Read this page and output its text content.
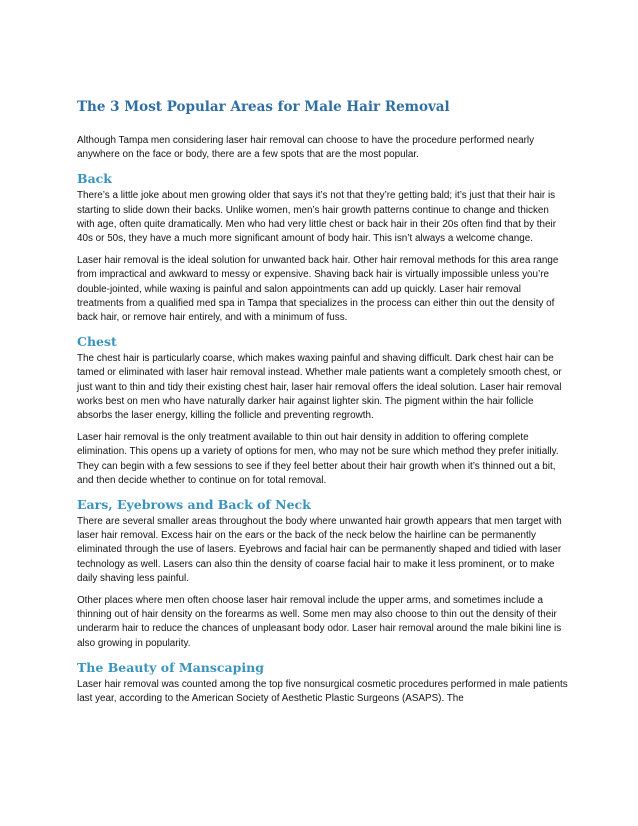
The 3 Most Popular Areas for Male Hair Removal

Although Tampa men considering laser hair removal can choose to have the procedure performed nearly anywhere on the face or body, there are a few spots that are the most popular.

Back

There’s a little joke about men growing older that says it’s not that they’re getting bald; it’s just that their hair is starting to slide down their backs. Unlike women, men’s hair growth patterns continue to change and thicken with age, often quite dramatically. Men who had very little chest or back hair in their 20s often find that by their 40s or 50s, they have a much more significant amount of body hair. This isn’t always a welcome change.

Laser hair removal is the ideal solution for unwanted back hair. Other hair removal methods for this area range from impractical and awkward to messy or expensive. Shaving back hair is virtually impossible unless you’re double-jointed, while waxing is painful and salon appointments can add up quickly. Laser hair removal treatments from a qualified med spa in Tampa that specializes in the process can either thin out the density of back hair, or remove hair entirely, and with a minimum of fuss.

Chest

The chest hair is particularly coarse, which makes waxing painful and shaving difficult. Dark chest hair can be tamed or eliminated with laser hair removal instead. Whether male patients want a completely smooth chest, or just want to thin and tidy their existing chest hair, laser hair removal offers the ideal solution. Laser hair removal works best on men who have naturally darker hair against lighter skin. The pigment within the hair follicle absorbs the laser energy, killing the follicle and preventing regrowth.

Laser hair removal is the only treatment available to thin out hair density in addition to offering complete elimination. This opens up a variety of options for men, who may not be sure which method they prefer initially. They can begin with a few sessions to see if they feel better about their hair growth when it’s thinned out a bit, and then decide whether to continue on for total removal.

Ears, Eyebrows and Back of Neck

There are several smaller areas throughout the body where unwanted hair growth appears that men target with laser hair removal. Excess hair on the ears or the back of the neck below the hairline can be permanently eliminated through the use of lasers. Eyebrows and facial hair can be permanently shaped and tidied with laser technology as well. Lasers can also thin the density of coarse facial hair to make it less prominent, or to make daily shaving less painful.

Other places where men often choose laser hair removal include the upper arms, and sometimes include a thinning out of hair density on the forearms as well. Some men may also choose to thin out the density of their underarm hair to reduce the chances of unpleasant body odor. Laser hair removal around the male bikini line is also growing in popularity.

The Beauty of Manscaping

Laser hair removal was counted among the top five nonsurgical cosmetic procedures performed in male patients last year, according to the American Society of Aesthetic Plastic Surgeons (ASAPS). The
